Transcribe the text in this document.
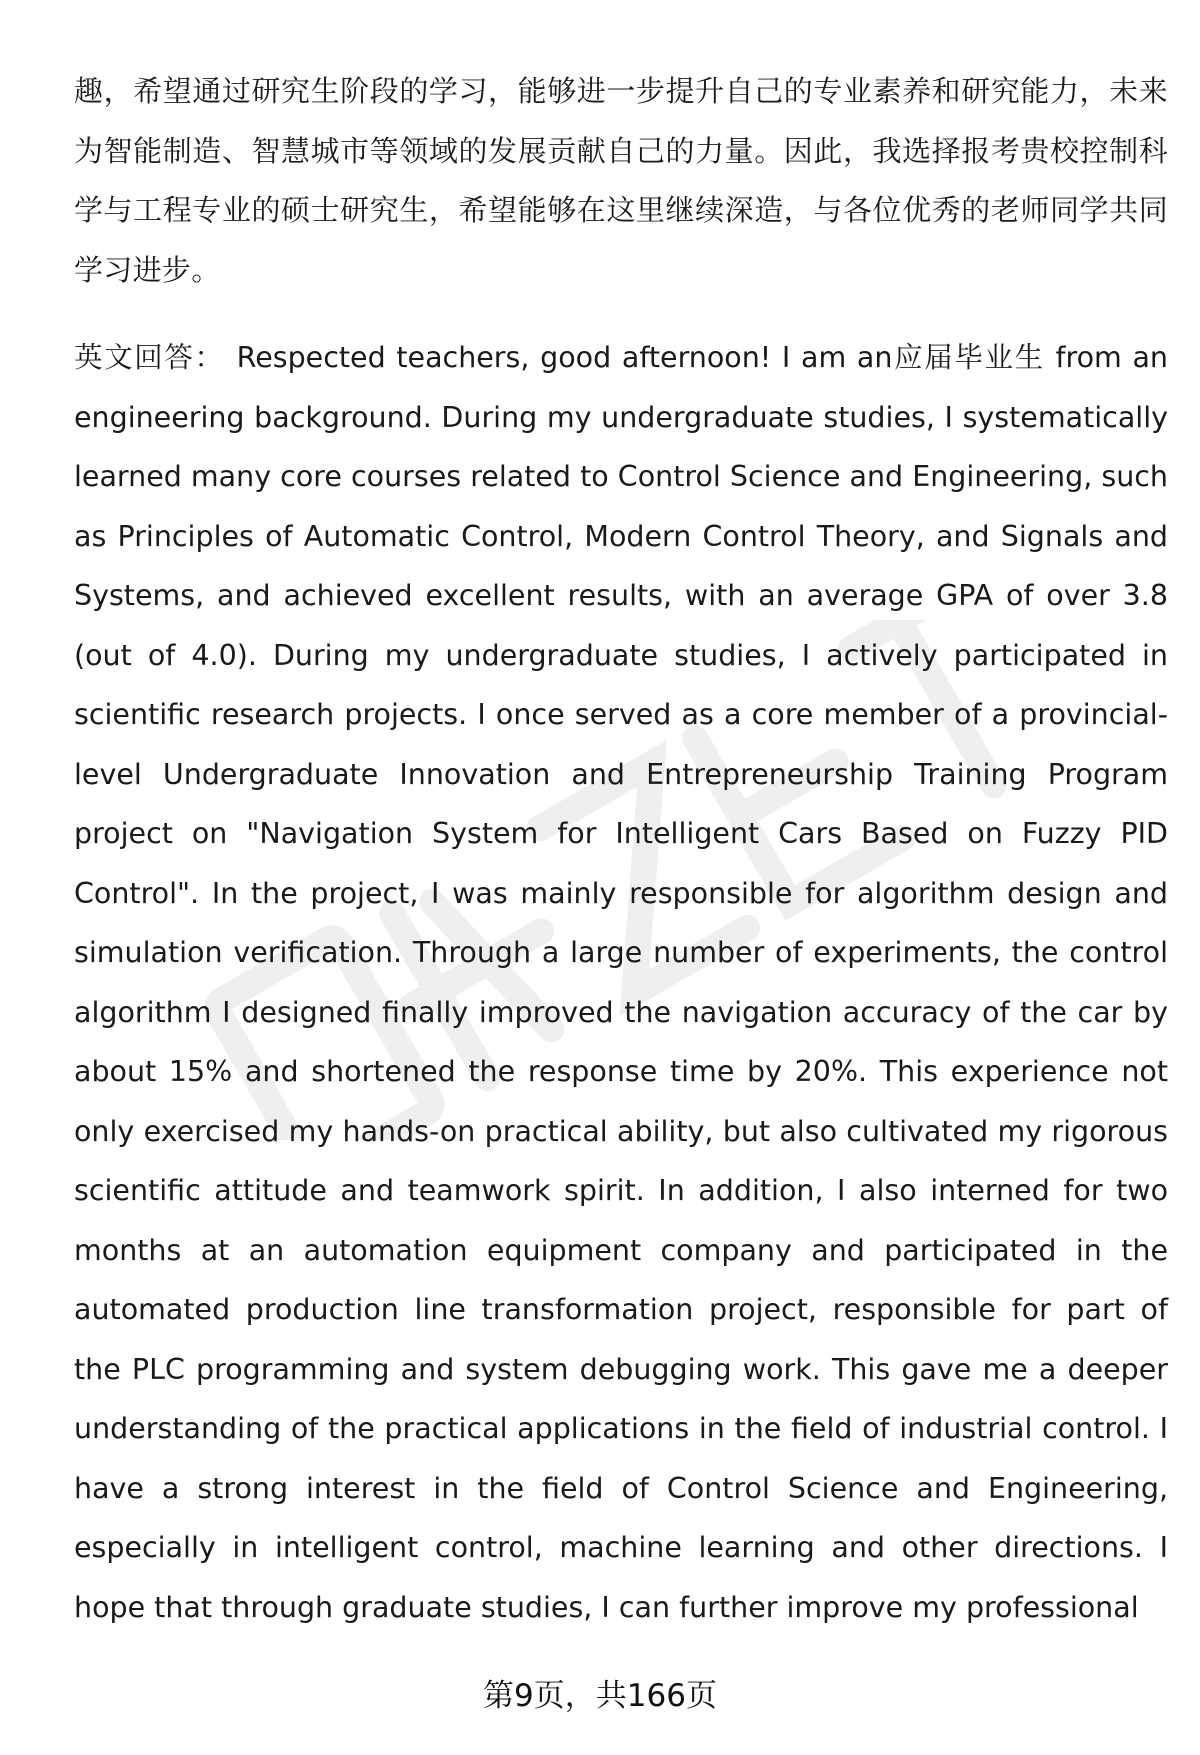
趣，希望通过研究生阶段的学习，能够进一步提升自己的专业素养和研究能力，未来为智能制造、智慧城市等领域的发展贡献自己的力量。因此，我选择报考贵校控制科学与工程专业的硕士研究生，希望能够在这里继续深造，与各位优秀的老师同学共同学习进步。

英文回答： Respected teachers, good afternoon! I am an应届毕业生 from an engineering background. During my undergraduate studies, I systematically learned many core courses related to Control Science and Engineering, such as Principles of Automatic Control, Modern Control Theory, and Signals and Systems, and achieved excellent results, with an average GPA of over 3.8 (out of 4.0). During my undergraduate studies, I actively participated in scientific research projects. I once served as a core member of a provincial-level Undergraduate Innovation and Entrepreneurship Training Program project on "Navigation System for Intelligent Cars Based on Fuzzy PID Control". In the project, I was mainly responsible for algorithm design and simulation verification. Through a large number of experiments, the control algorithm I designed finally improved the navigation accuracy of the car by about 15% and shortened the response time by 20%. This experience not only exercised my hands-on practical ability, but also cultivated my rigorous scientific attitude and teamwork spirit. In addition, I also interned for two months at an automation equipment company and participated in the automated production line transformation project, responsible for part of the PLC programming and system debugging work. This gave me a deeper understanding of the practical applications in the field of industrial control. I have a strong interest in the field of Control Science and Engineering, especially in intelligent control, machine learning and other directions. I hope that through graduate studies, I can further improve my professional

第9页，共166页
